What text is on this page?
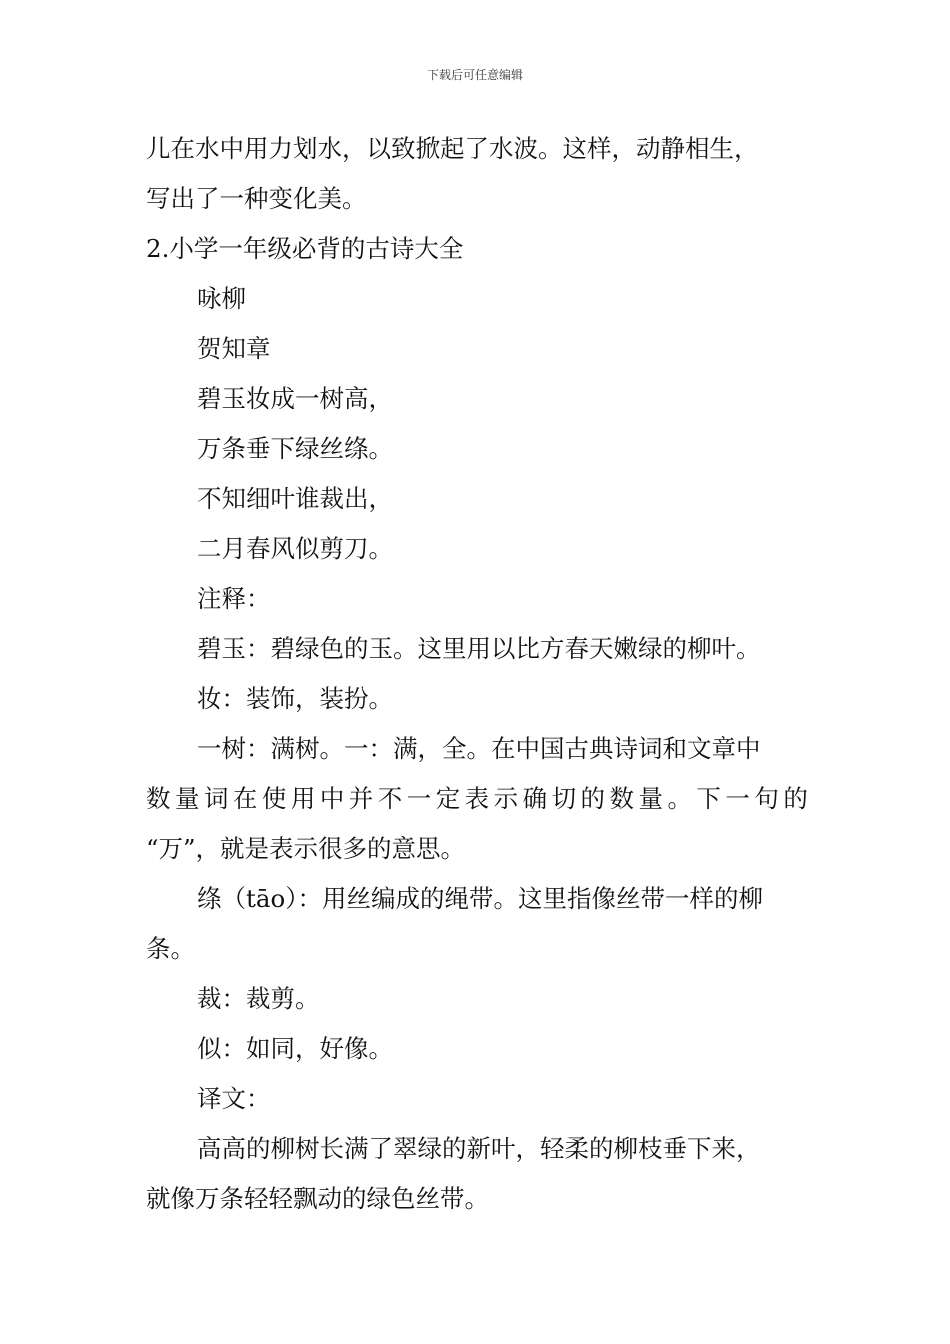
下载后可任意编辑
儿在水中用力划水，以致掀起了水波。这样，动静相生，
写出了一种变化美。
2.小学一年级必背的古诗大全
咏柳
贺知章
碧玉妆成一树高，
万条垂下绿丝绦。
不知细叶谁裁出，
二月春风似剪刀。
注释：
碧玉：碧绿色的玉。这里用以比方春天嫩绿的柳叶。
妆：装饰，装扮。
一树：满树。一：满，全。在中国古典诗词和文章中
数 量 词 在 使 用 中 并 不 一 定 表 示 确 切 的 数 量 。 下 一 句 的
“万”，就是表示很多的意思。
绦（tāo）：用丝编成的绳带。这里指像丝带一样的柳
条。
裁：裁剪。
似：如同，好像。
译文：
高高的柳树长满了翠绿的新叶，轻柔的柳枝垂下来，
就像万条轻轻飘动的绿色丝带。
